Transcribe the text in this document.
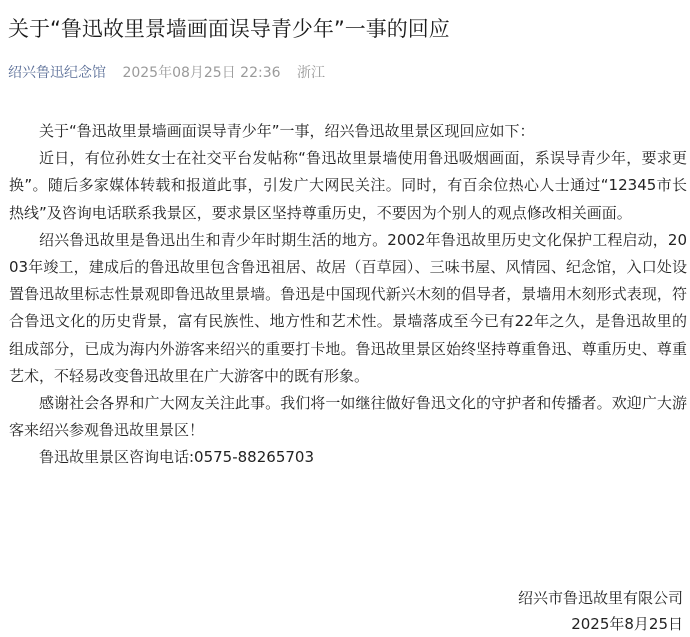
关于“鲁迅故里景墙画面误导青少年”一事的回应
绍兴鲁迅纪念馆 2025年08月25日 22:36 浙江

关于“鲁迅故里景墙画面误导青少年”一事，绍兴鲁迅故里景区现回应如下：

近日，有位孙姓女士在社交平台发帖称“鲁迅故里景墙使用鲁迅吸烟画面，系误导青少年，要求更换”。随后多家媒体转载和报道此事，引发广大网民关注。同时，有百余位热心人士通过“12345市长热线”及咨询电话联系我景区，要求景区坚持尊重历史，不要因为个别人的观点修改相关画面。

绍兴鲁迅故里是鲁迅出生和青少年时期生活的地方。2002年鲁迅故里历史文化保护工程启动，2003年竣工，建成后的鲁迅故里包含鲁迅祖居、故居（百草园）、三味书屋、风情园、纪念馆，入口处设置鲁迅故里标志性景观即鲁迅故里景墙。鲁迅是中国现代新兴木刻的倡导者，景墙用木刻形式表现，符合鲁迅文化的历史背景，富有民族性、地方性和艺术性。景墙落成至今已有22年之久，是鲁迅故里的组成部分，已成为海内外游客来绍兴的重要打卡地。鲁迅故里景区始终坚持尊重鲁迅、尊重历史、尊重艺术，不轻易改变鲁迅故里在广大游客中的既有形象。

感谢社会各界和广大网友关注此事。我们将一如继往做好鲁迅文化的守护者和传播者。欢迎广大游客来绍兴参观鲁迅故里景区！

鲁迅故里景区咨询电话:0575-88265703

绍兴市鲁迅故里有限公司
2025年8月25日
